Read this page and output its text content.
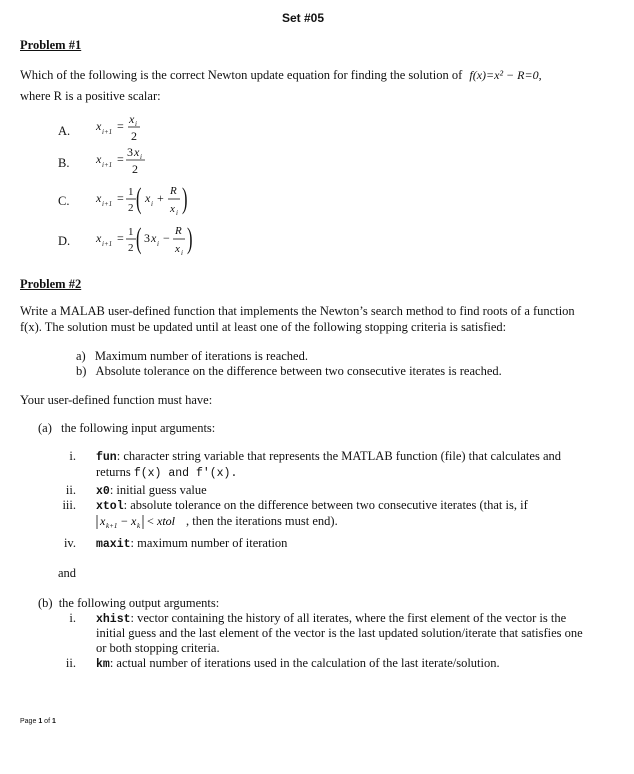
Set #05
Problem #1
Which of the following is the correct Newton update equation for finding the solution of f(x)=x² − R=0,
where R is a positive scalar:
A. x i+1 = x i
2
B. x i+1 = 3 x i
2
C. x i+1 = 1
2 ( x i + R
x i )
D. x i+1 = 1
2 ( 3 x i − R
x i )
Problem #2
Write a MALAB user-defined function that implements the Newton’s search method to find roots of a function
f(x). The solution must be updated until at least one of the following stopping criteria is satisfied:
a) Maximum number of iterations is reached.
b) Absolute tolerance on the difference between two consecutive iterates is reached.
Your user-defined function must have:
(a) the following input arguments:
i. fun: character string variable that represents the MATLAB function (file) that calculates and
returns f(x) and f′(x).
ii. x0: initial guess value
iii. xtol: absolute tolerance on the difference between two consecutive iterates (that is, if
x k+1 − x k < xtol , then the iterations must end).
iv. maxit: maximum number of iteration
and
(b) the following output arguments:
i. xhist: vector containing the history of all iterates, where the first element of the vector is the
initial guess and the last element of the vector is the last updated solution/iterate that satisfies one
or both stopping criteria.
ii. km: actual number of iterations used in the calculation of the last iterate/solution.
Page 1 of 1
